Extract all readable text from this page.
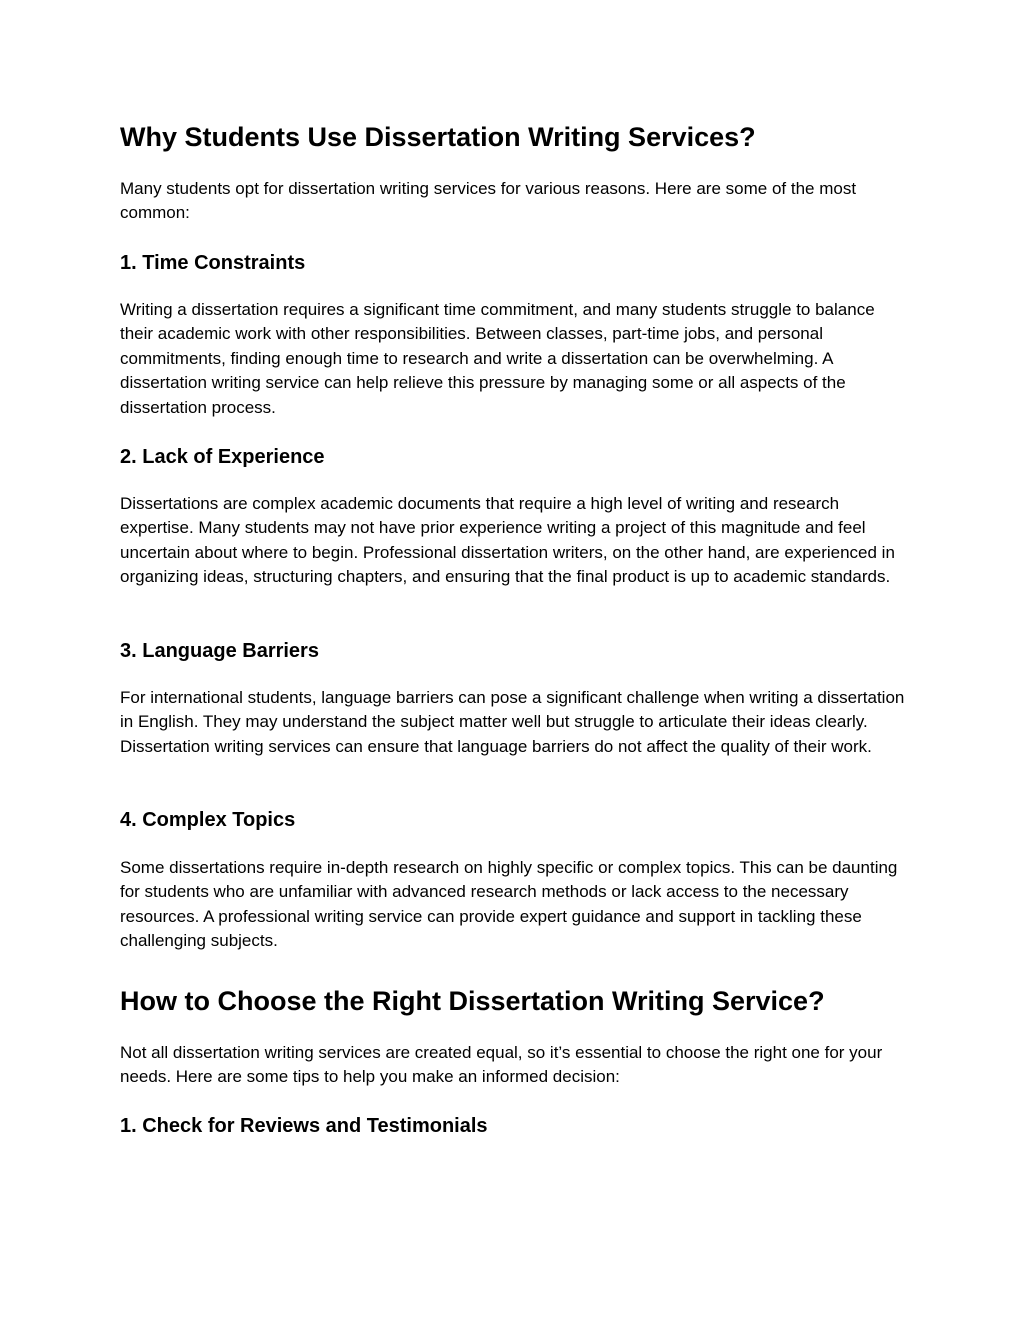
Why Students Use Dissertation Writing Services?

Many students opt for dissertation writing services for various reasons. Here are some of the most common:

1. Time Constraints

Writing a dissertation requires a significant time commitment, and many students struggle to balance their academic work with other responsibilities. Between classes, part-time jobs, and personal commitments, finding enough time to research and write a dissertation can be overwhelming. A dissertation writing service can help relieve this pressure by managing some or all aspects of the dissertation process.

2. Lack of Experience

Dissertations are complex academic documents that require a high level of writing and research expertise. Many students may not have prior experience writing a project of this magnitude and feel uncertain about where to begin. Professional dissertation writers, on the other hand, are experienced in organizing ideas, structuring chapters, and ensuring that the final product is up to academic standards.

3. Language Barriers

For international students, language barriers can pose a significant challenge when writing a dissertation in English. They may understand the subject matter well but struggle to articulate their ideas clearly. Dissertation writing services can ensure that language barriers do not affect the quality of their work.

4. Complex Topics

Some dissertations require in-depth research on highly specific or complex topics. This can be daunting for students who are unfamiliar with advanced research methods or lack access to the necessary resources. A professional writing service can provide expert guidance and support in tackling these challenging subjects.

How to Choose the Right Dissertation Writing Service?

Not all dissertation writing services are created equal, so it’s essential to choose the right one for your needs. Here are some tips to help you make an informed decision:

1. Check for Reviews and Testimonials
